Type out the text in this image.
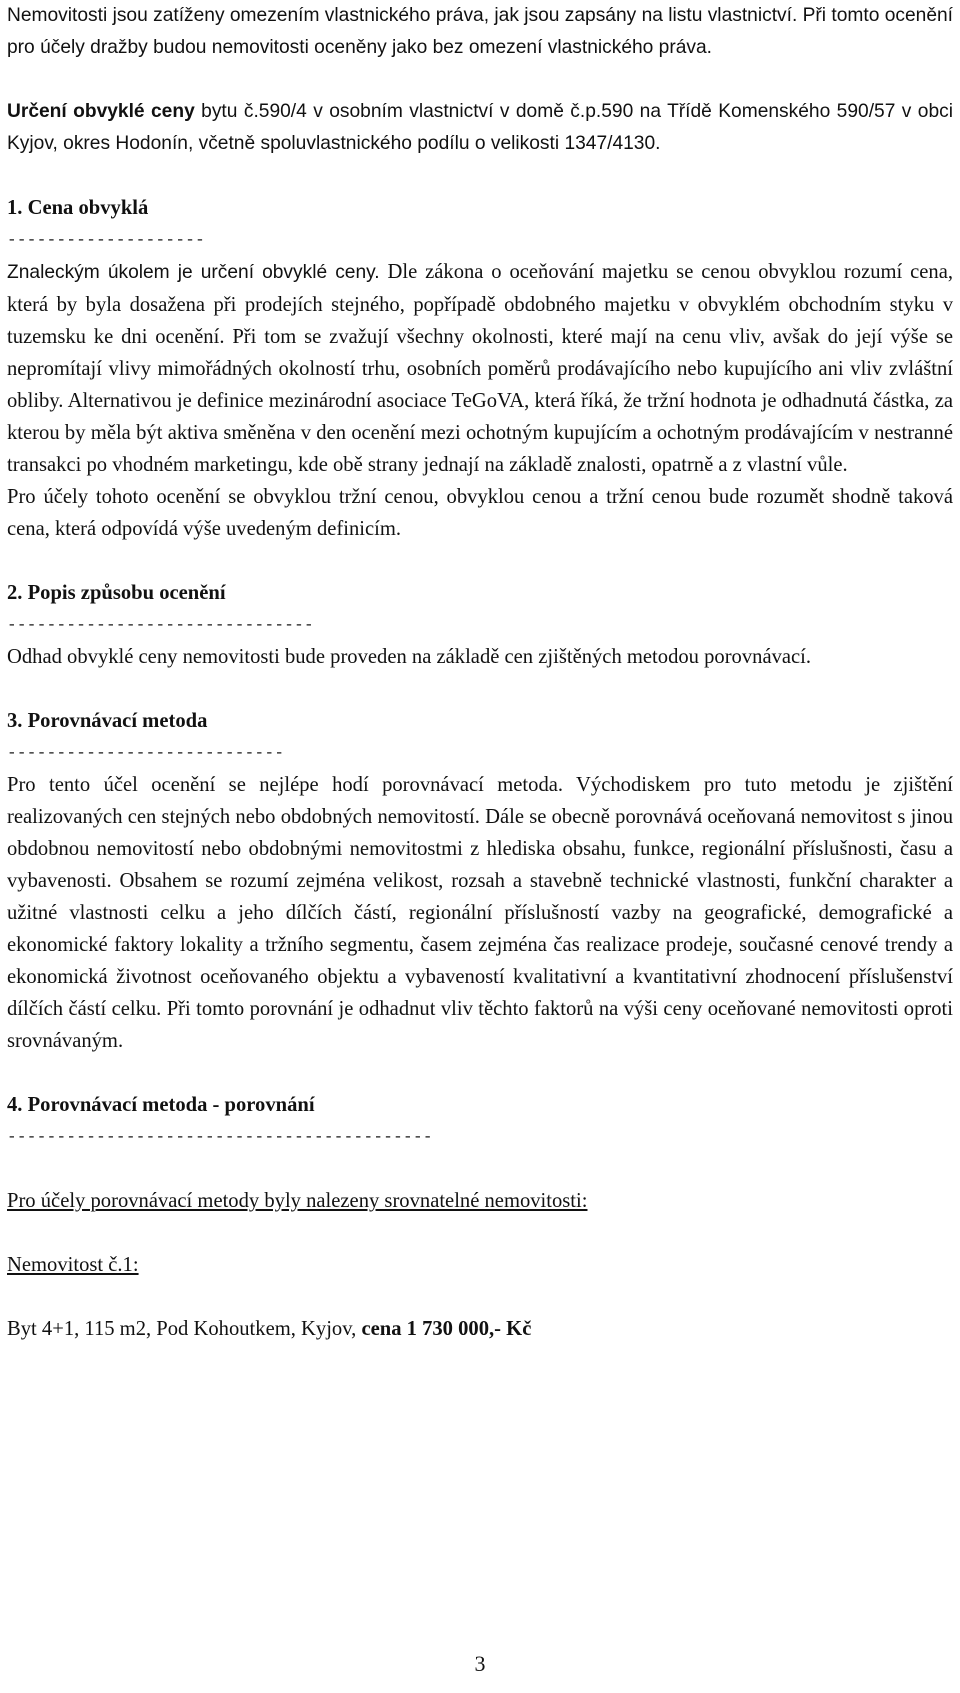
Nemovitosti jsou zatíženy omezením vlastnického práva, jak jsou zapsány na listu vlastnictví. Při tomto ocenění pro účely dražby budou nemovitosti oceněny jako bez omezení vlastnického práva.

Určení obvyklé ceny bytu č.590/4 v osobním vlastnictví v domě č.p.590 na Třídě Komenského 590/57 v obci Kyjov, okres Hodonín, včetně spoluvlastnického podílu o velikosti 1347/4130.

1. Cena obvyklá

--------------------

Znaleckým úkolem je určení obvyklé ceny. Dle zákona o oceňování majetku se cenou obvyklou rozumí cena, která by byla dosažena při prodejích stejného, popřípadě obdobného majetku v obvyklém obchodním styku v tuzemsku ke dni ocenění. Při tom se zvažují všechny okolnosti, které mají na cenu vliv, avšak do její výše se nepromítají vlivy mimořádných okolností trhu, osobních poměrů prodávajícího nebo kupujícího ani vliv zvláštní obliby. Alternativou je definice mezinárodní asociace TeGoVA, která říká, že tržní hodnota je odhadnutá částka, za kterou by měla být aktiva směněna v den ocenění mezi ochotným kupujícím a ochotným prodávajícím v nestranné transakci po vhodném marketingu, kde obě strany jednají na základě znalosti, opatrně a z vlastní vůle.

Pro účely tohoto ocenění se obvyklou tržní cenou, obvyklou cenou a tržní cenou bude rozumět shodně taková cena, která odpovídá výše uvedeným definicím.

2. Popis způsobu ocenění

-------------------------------

Odhad obvyklé ceny nemovitosti bude proveden na základě cen zjištěných metodou porovnávací.

3. Porovnávací metoda

----------------------------

Pro tento účel ocenění se nejlépe hodí porovnávací metoda. Východiskem pro tuto metodu je zjištění realizovaných cen stejných nebo obdobných nemovitostí. Dále se obecně porovnává oceňovaná nemovitost s jinou obdobnou nemovitostí nebo obdobnými nemovitostmi z hlediska obsahu, funkce, regionální příslušnosti, času a vybavenosti. Obsahem se rozumí zejména velikost, rozsah a stavebně technické vlastnosti, funkční charakter a užitné vlastnosti celku a jeho dílčích částí, regionální příslušností vazby na geografické, demografické a ekonomické faktory lokality a tržního segmentu, časem zejména čas realizace prodeje, současné cenové trendy a ekonomická životnost oceňovaného objektu a vybaveností kvalitativní a kvantitativní zhodnocení příslušenství dílčích částí celku. Při tomto porovnání je odhadnut vliv těchto faktorů na výši ceny oceňované nemovitosti oproti srovnávaným.

4. Porovnávací metoda - porovnání

-------------------------------------------

Pro účely porovnávací metody byly nalezeny srovnatelné nemovitosti:

Nemovitost č.1:

Byt 4+1, 115 m2, Pod Kohoutkem, Kyjov, cena 1 730 000,- Kč

3
